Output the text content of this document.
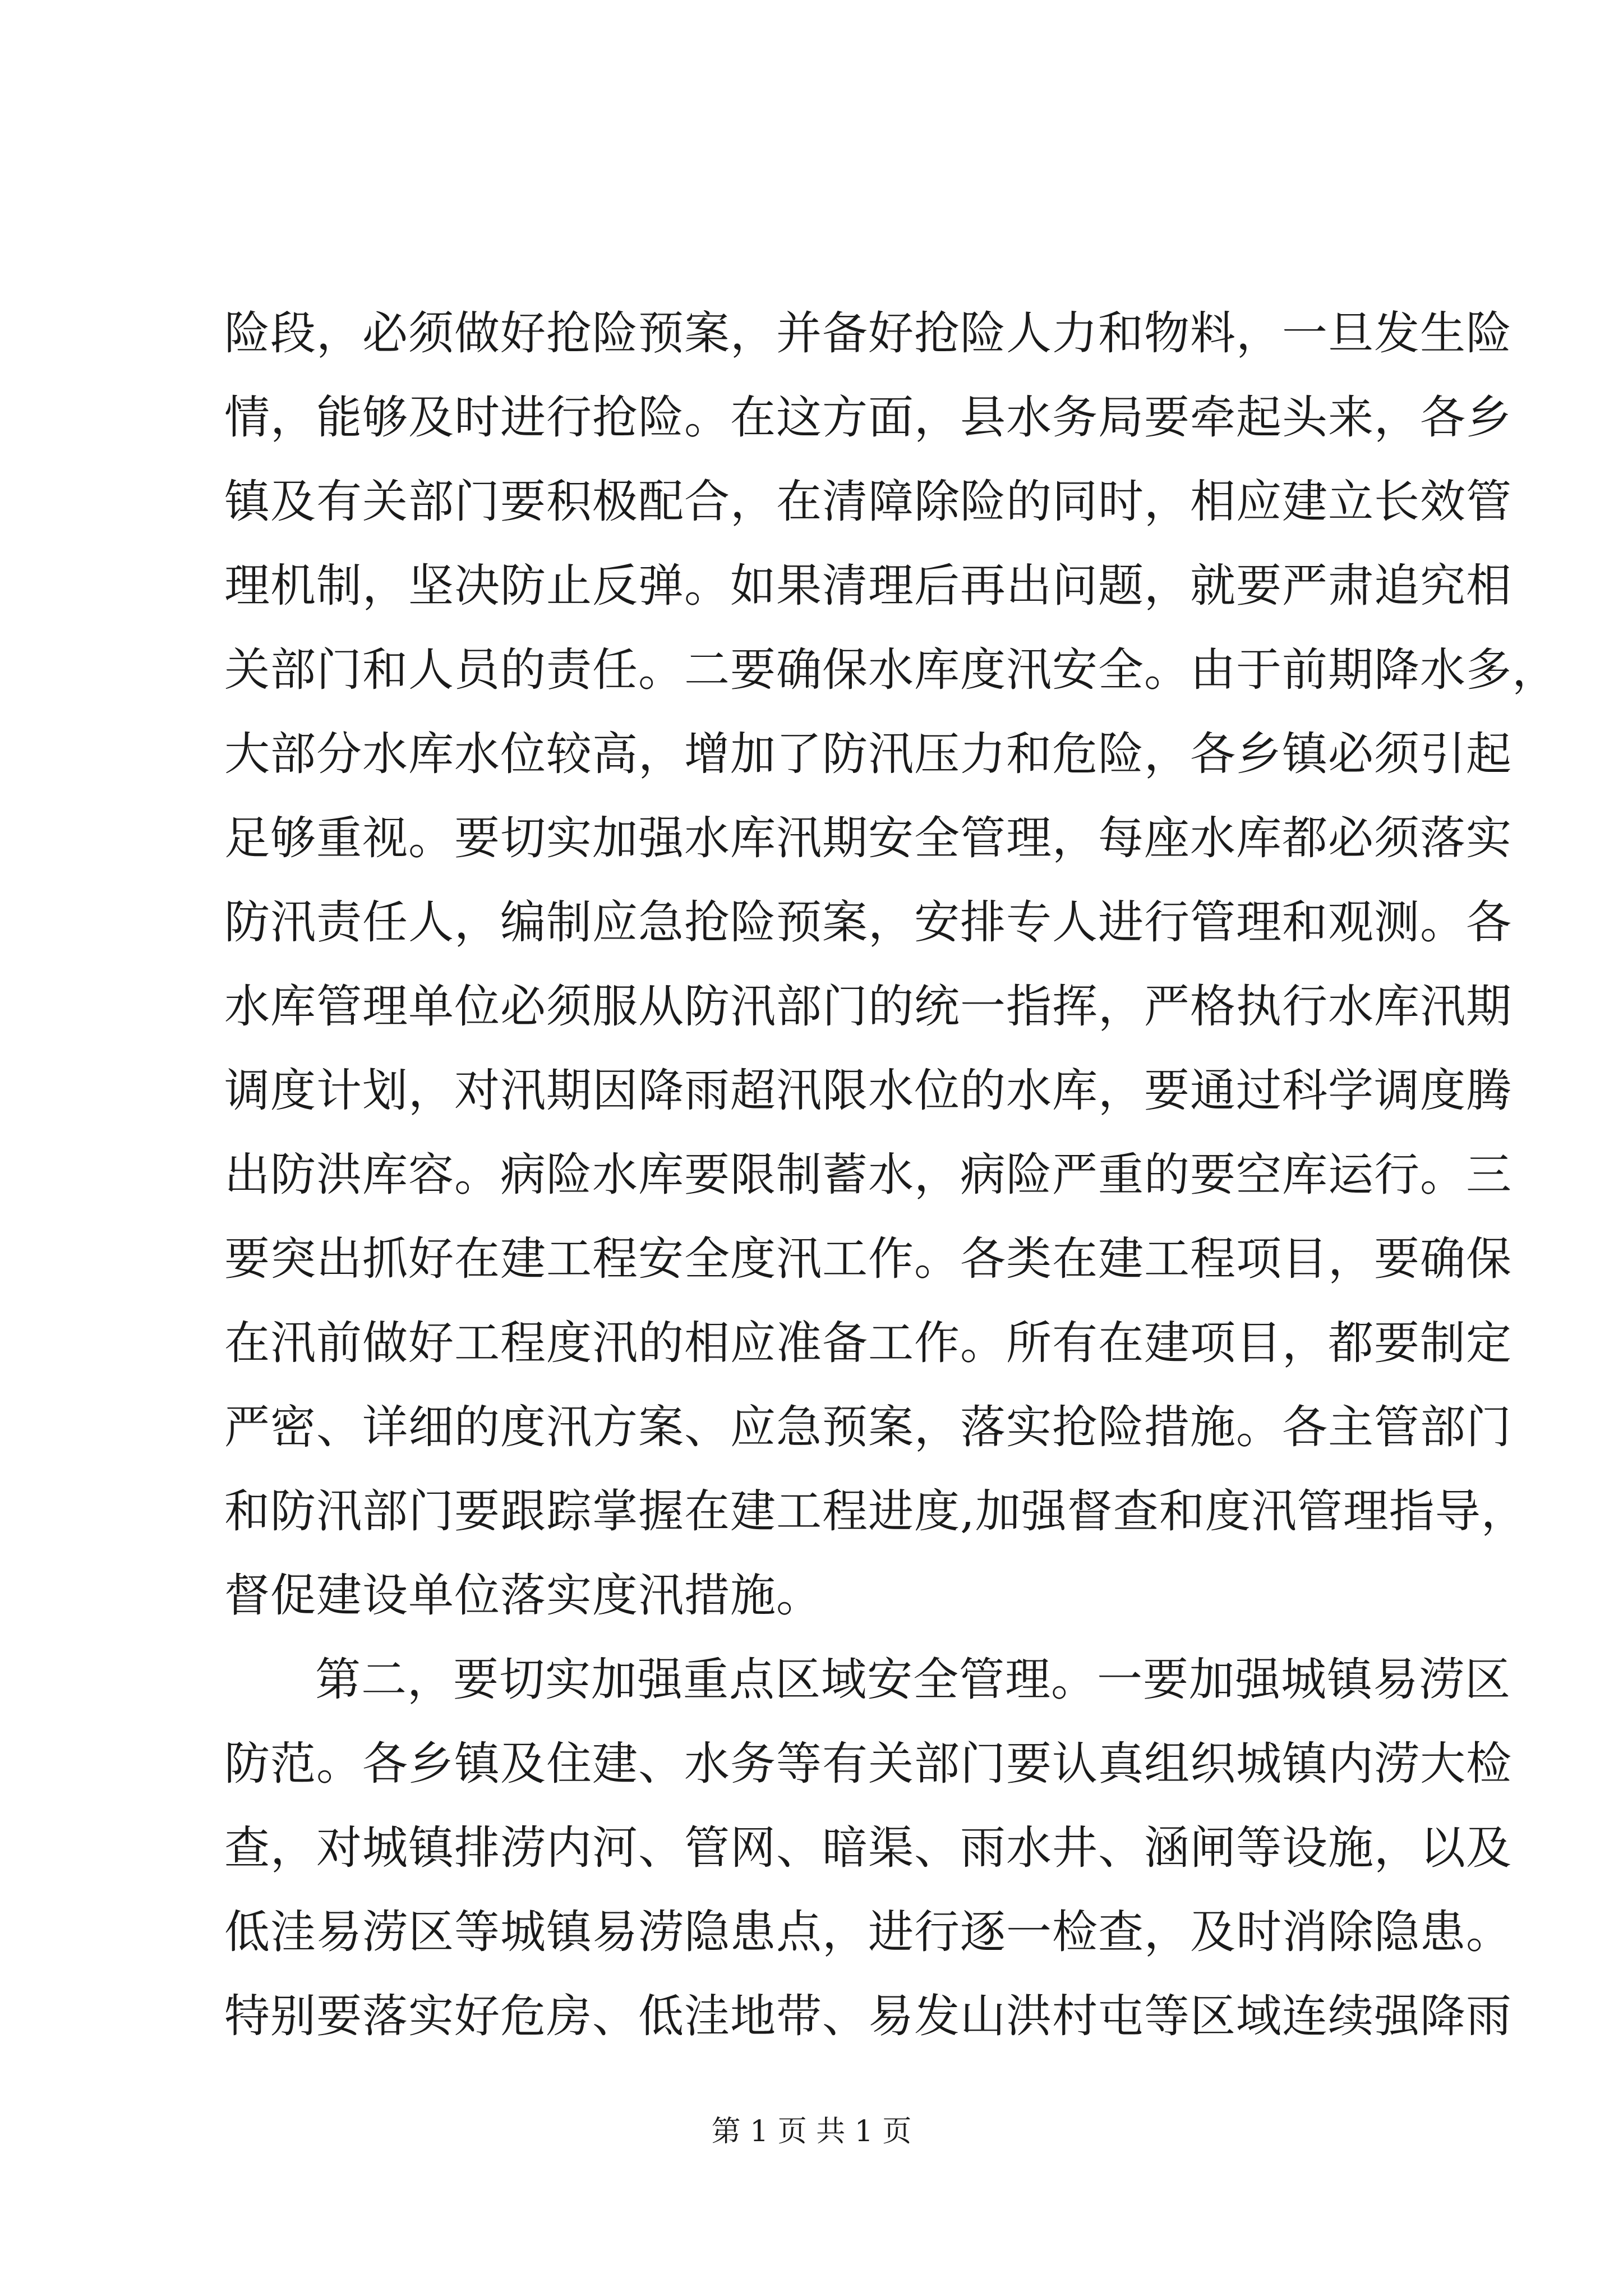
险段，必须做好抢险预案，并备好抢险人力和物料，一旦发生险
情，能够及时进行抢险。在这方面，县水务局要牵起头来，各乡
镇及有关部门要积极配合，在清障除险的同时，相应建立长效管
理机制，坚决防止反弹。如果清理后再出问题，就要严肃追究相
关部门和人员的责任。二要确保水库度汛安全。由于前期降水多，
大部分水库水位较高，增加了防汛压力和危险，各乡镇必须引起
足够重视。要切实加强水库汛期安全管理，每座水库都必须落实
防汛责任人，编制应急抢险预案，安排专人进行管理和观测。各
水库管理单位必须服从防汛部门的统一指挥，严格执行水库汛期
调度计划，对汛期因降雨超汛限水位的水库，要通过科学调度腾
出防洪库容。病险水库要限制蓄水，病险严重的要空库运行。三
要突出抓好在建工程安全度汛工作。各类在建工程项目，要确保
在汛前做好工程度汛的相应准备工作。所有在建项目，都要制定
严密、详细的度汛方案、应急预案，落实抢险措施。各主管部门
和防汛部门要跟踪掌握在建工程进度,加强督查和度汛管理指导，
督促建设单位落实度汛措施。
第二，要切实加强重点区域安全管理。一要加强城镇易涝区
防范。各乡镇及住建、水务等有关部门要认真组织城镇内涝大检
查，对城镇排涝内河、管网、暗渠、雨水井、涵闸等设施，以及
低洼易涝区等城镇易涝隐患点，进行逐一检查，及时消除隐患。
特别要落实好危房、低洼地带、易发山洪村屯等区域连续强降雨
第 1 页 共 1 页
